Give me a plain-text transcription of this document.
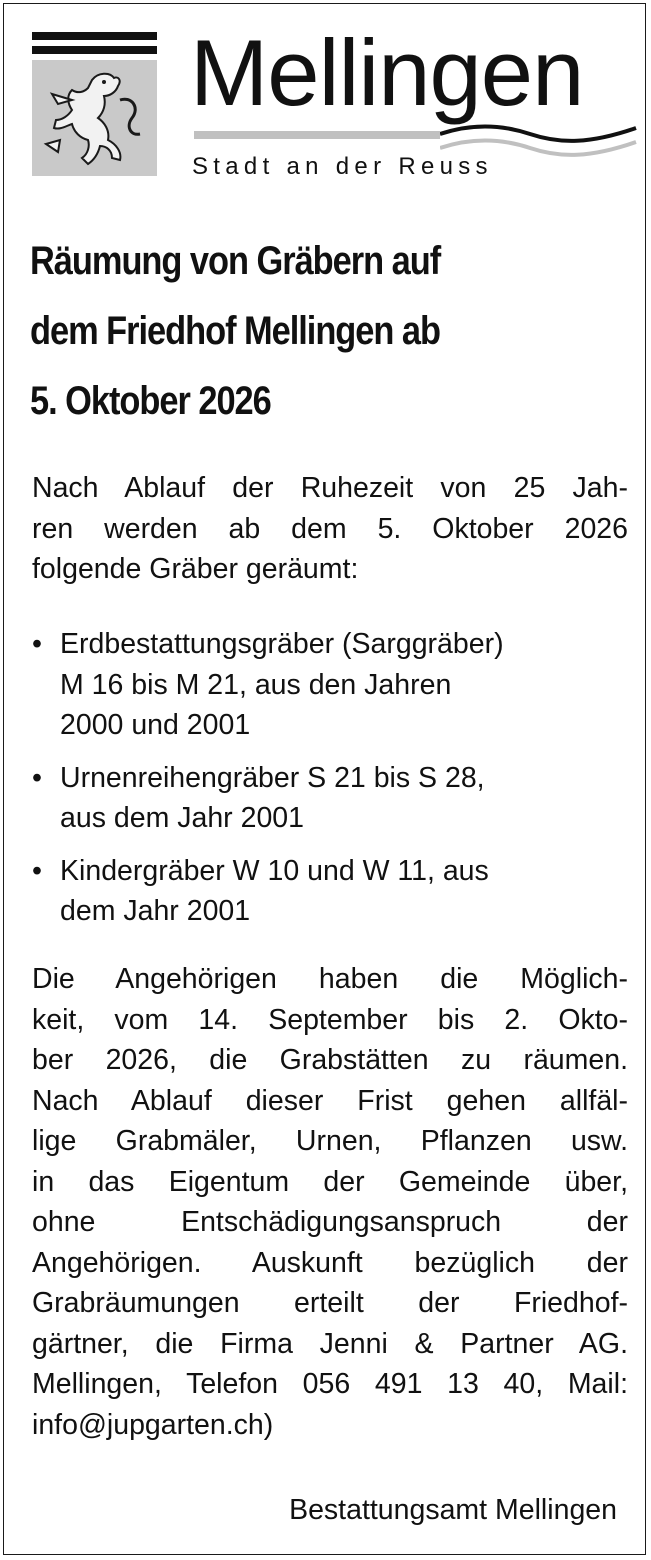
Mellingen
Stadt an der Reuss
Räumung von Gräbern auf
dem Friedhof Mellingen ab
5. Oktober 2026
Nach Ablauf der Ruhezeit von 25 Jah-
ren werden ab dem 5. Oktober 2026
folgende Gräber geräumt:
• Erdbestattungsgräber (Sarggräber)
M 16 bis M 21, aus den Jahren
2000 und 2001
• Urnenreihengräber S 21 bis S 28,
aus dem Jahr 2001
• Kindergräber W 10 und W 11, aus
dem Jahr 2001
Die Angehörigen haben die Möglich-
keit, vom 14. September bis 2. Okto-
ber 2026, die Grabstätten zu räumen.
Nach Ablauf dieser Frist gehen allfäl-
lige Grabmäler, Urnen, Pflanzen usw.
in das Eigentum der Gemeinde über,
ohne Entschädigungsanspruch der
Angehörigen. Auskunft bezüglich der
Grabräumungen erteilt der Friedhof-
gärtner, die Firma Jenni & Partner AG.
Mellingen, Telefon 056 491 13 40, Mail:
info@jupgarten.ch)
Bestattungsamt Mellingen
